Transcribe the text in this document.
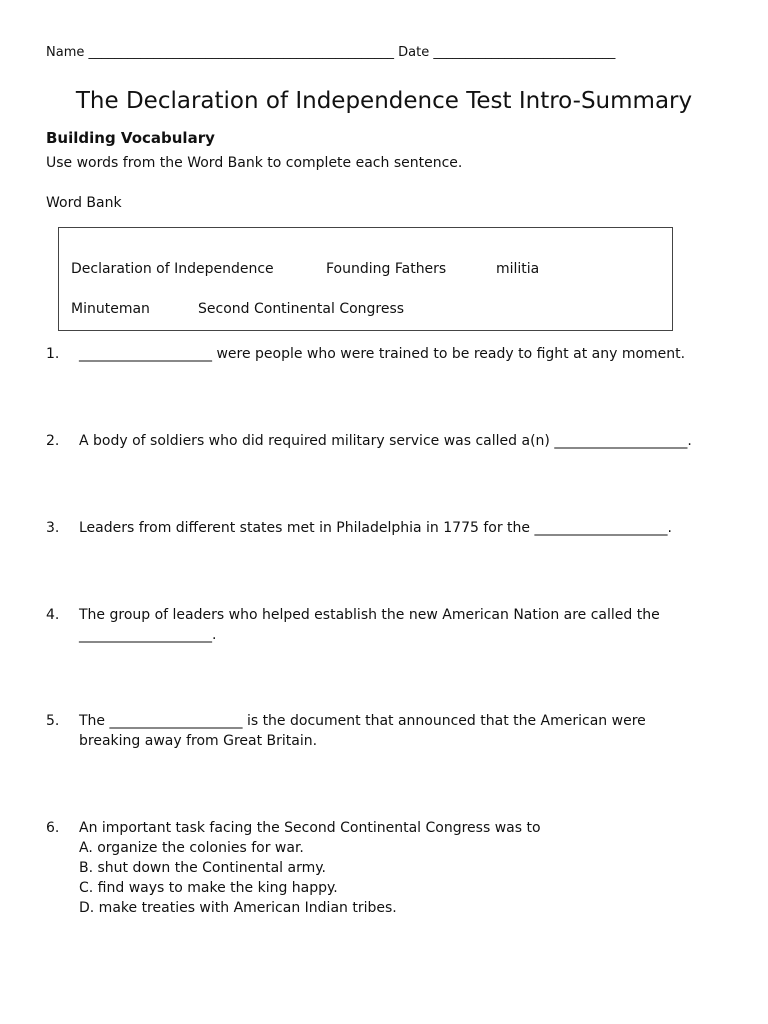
Name _______________________________________________ Date ____________________________
The Declaration of Independence Test Intro-Summary
Building Vocabulary
Use words from the Word Bank to complete each sentence.
Word Bank
Declaration of Independence	Founding Fathers	militia
Minuteman	Second Continental Congress
1. ___________________ were people who were trained to be ready to fight at any moment.
2. A body of soldiers who did required military service was called a(n) ___________________.
3. Leaders from different states met in Philadelphia in 1775 for the ___________________.
4. The group of leaders who helped establish the new American Nation are called the
___________________.
5. The ___________________ is the document that announced that the American were
breaking away from Great Britain.
6. An important task facing the Second Continental Congress was to
A. organize the colonies for war.
B. shut down the Continental army.
C. find ways to make the king happy.
D. make treaties with American Indian tribes.
